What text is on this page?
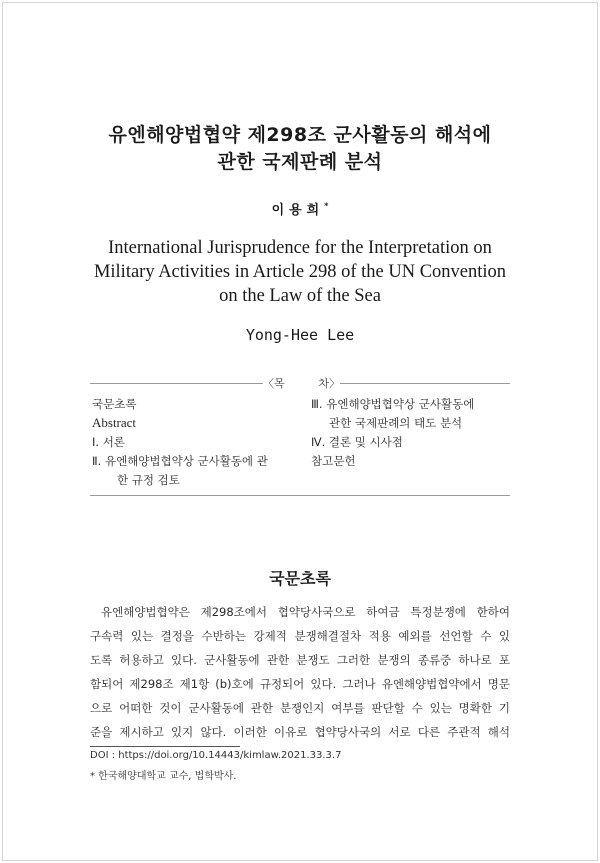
유엔해양법협약 제298조 군사활동의 해석에
관한 국제판례 분석
이용희*
International Jurisprudence for the Interpretation on
Military Activities in Article 298 of the UN Convention
on the Law of the Sea
Yong-Hee Lee
〈목	차〉
국문초록
Abstract
Ⅰ. 서론
Ⅱ. 유엔해양법협약상 군사활동에 관
한 규정 검토
Ⅲ. 유엔해양법협약상 군사활동에
관한 국제판례의 태도 분석
Ⅳ. 결론 및 시사점
참고문헌
국문초록
유엔해양법협약은 제298조에서 협약당사국으로 하여금 특정분쟁에 한하여
구속력 있는 결정을 수반하는 강제적 분쟁해결절차 적용 예외를 선언할 수 있
도록 허용하고 있다. 군사활동에 관한 분쟁도 그러한 분쟁의 종류중 하나로 포
함되어 제298조 제1항 (b)호에 규정되어 있다. 그러나 유엔해양법협약에서 명문
으로 어떠한 것이 군사활동에 관한 분쟁인지 여부를 판단할 수 있는 명확한 기
준을 제시하고 있지 않다. 이러한 이유로 협약당사국의 서로 다른 주관적 해석
DOI : https://doi.org/10.14443/kimlaw.2021.33.3.7
* 한국해양대학교 교수, 법학박사.
